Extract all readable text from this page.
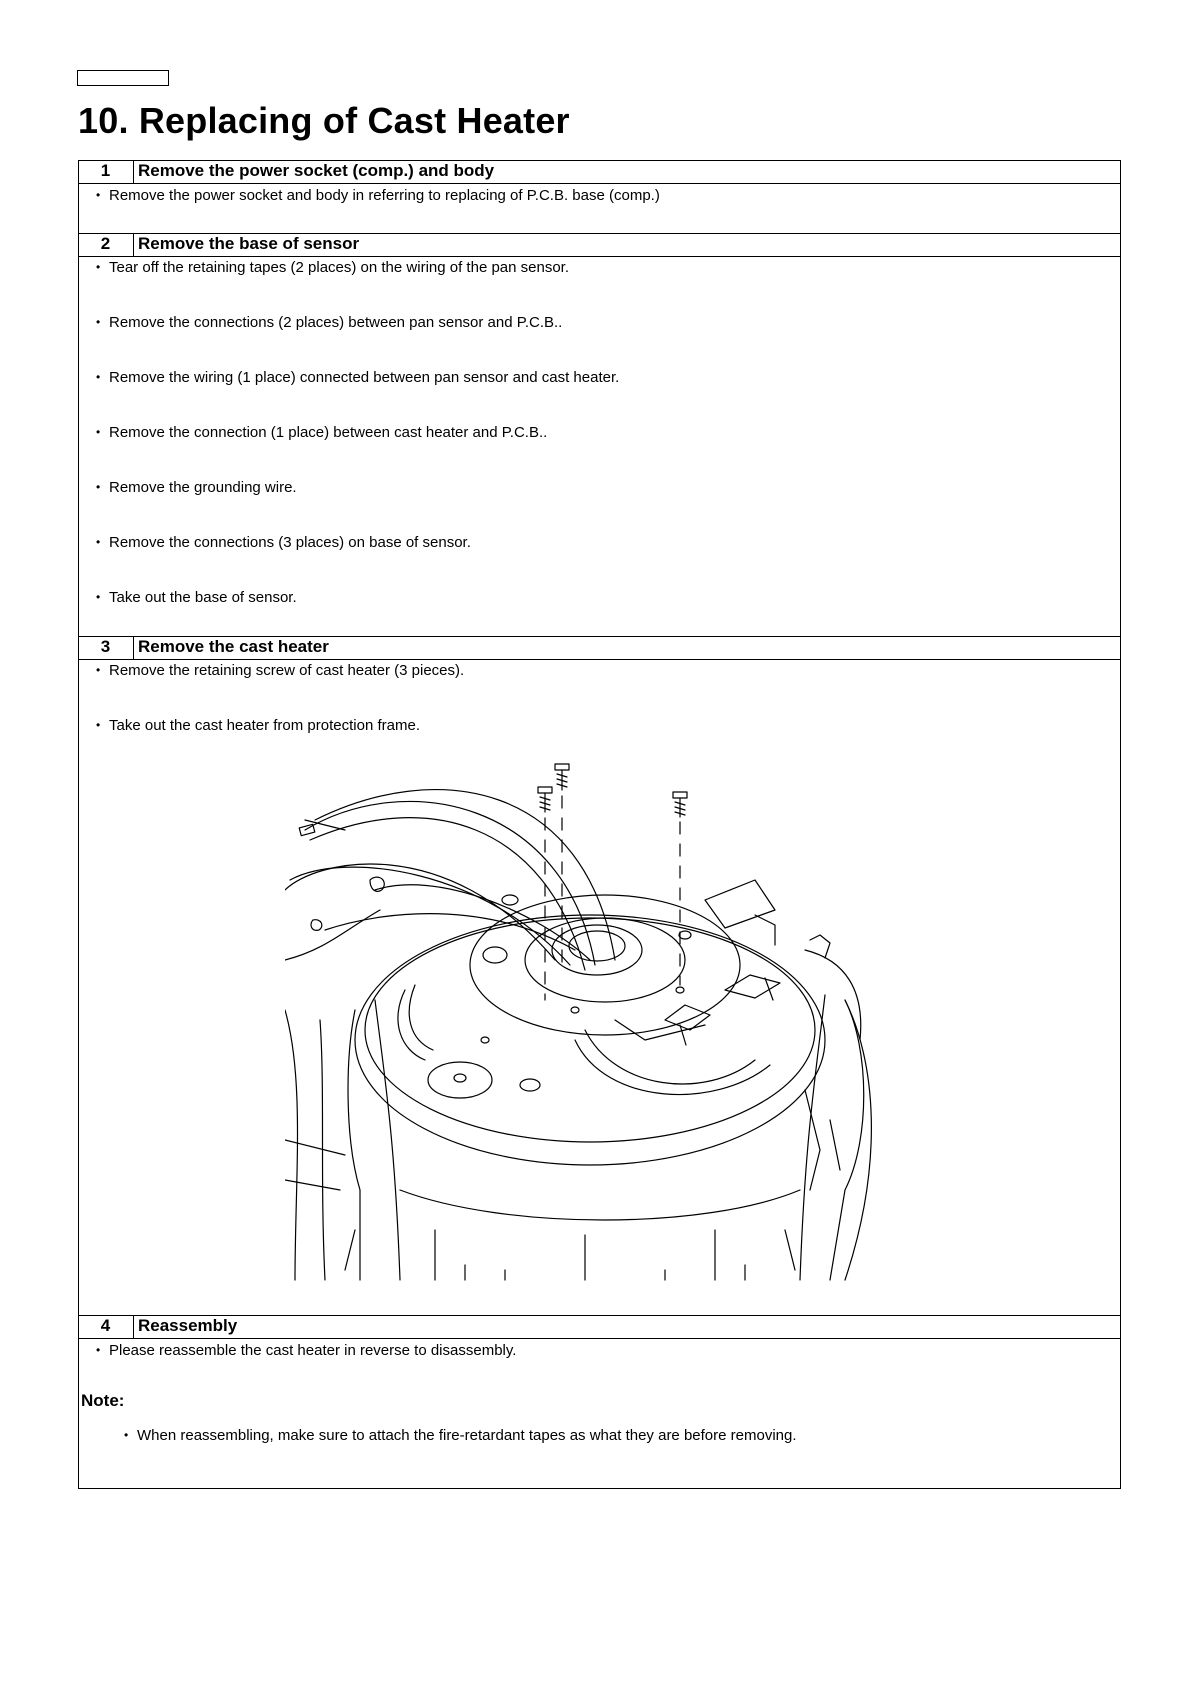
10. Replacing of Cast Heater
1	Remove the power socket (comp.) and body
• Remove the power socket and body in referring to replacing of P.C.B. base (comp.)
2	Remove the base of sensor
• Tear off the retaining tapes (2 places) on the wiring of the pan sensor.
• Remove the connections (2 places) between pan sensor and P.C.B..
• Remove the wiring (1 place) connected between pan sensor and cast heater.
• Remove the connection (1 place) between cast heater and P.C.B..
• Remove the grounding wire.
• Remove the connections (3 places) on base of sensor.
• Take out the base of sensor.
3	Remove the cast heater
• Remove the retaining screw of cast heater (3 pieces).
• Take out the cast heater from protection frame.
4	Reassembly
• Please reassemble the cast heater in reverse to disassembly.
Note:
• When reassembling, make sure to attach the fire-retardant tapes as what they are before removing.
